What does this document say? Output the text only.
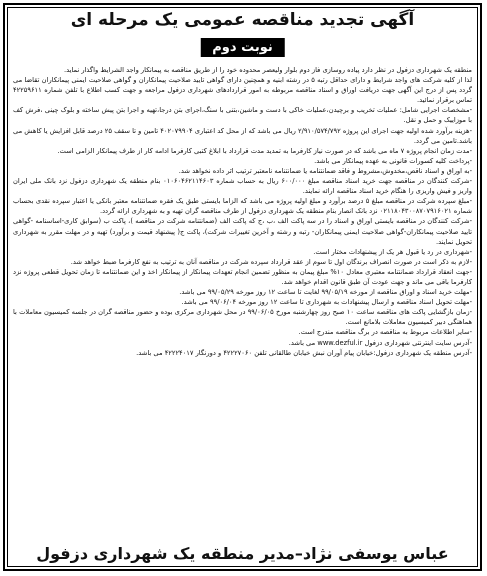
آگهی تجدید مناقصه عمومی یک مرحله ای
نوبت دوم

منطقه یک شهرداری دزفول در نظر دارد پیاده روسازی فاز دوم بلوار ولیعصر محدوده خود را از طریق مناقصه به پیمانکار واجد الشرایط واگذار نماید.

لذا از کلیه شرکت های واجد شرایط و دارای حداقل رتبه ۵ در رشته ابنیه و همچنین دارای گواهی تایید صلاحیت پیمانکاران و گواهی صلاحیت ایمنی پیمانکاران تقاضا می گردد پس از درج این آگهی جهت دریافت اوراق و اسناد مناقصه مربوطه به امور قراردادهای شهرداری دزفول مراجعه و جهت کسب اطلاع با تلفن شماره ۴۲۲۵۹۶۱۱ تماس برقرار نمائید.

-مشخصات اجرایی شامل: عملیات تخریب و برچیدن،عملیات خاکی با دست و ماشین،بتنی با سنگ،اجرای بتن درجا،تهیه و اجرا بتن پیش ساخته و بلوک چینی ،فرش کف با موزاییک و حمل و نقل.

-هزینه برآورد شده اولیه جهت اجرای این پروژه ۲/۹۱۰/۵۷۴/۷۹۲ ریال می باشد که از محل کد اعتباری ۴۰۲۰۷۹۹۰۴ تامین و تا سقف ۲۵ درصد قابل افزایش یا کاهش می باشد.تامین می گردد.

-مدت زمان انجام پروژه ۷ ماه می باشد که در صورت نیاز کارفرما به تمدید مدت قرارداد با ابلاغ کتبی کارفرما ادامه کار از طرف پیمانکار الزامی است.

-پرداخت کلیه کسورات قانونی به عهده پیمانکار می باشد.

-به اوراق و اسناد ناقص،مخدوش،مشروط و فاقد ضمانتنامه یا ضمانتنامه نامعتبر ترتیب اثر داده نخواهد شد.

-شرکت کنندگان در مناقصه جهت خرید اسناد مناقصه مبلغ ۶۰۰/۰۰۰ ریال به حساب شماره ۰۱۰۶۰۴۶۲۱۱۴۶۰۳ بنام منطقه یک شهرداری دزفول نزد بانک ملی ایران واریز و فیش واریزی را هنگام خرید اسناد مناقصه ارائه نمایند.

-مبلغ سپرده شرکت در مناقصه مبلغ ۵ درصد برآورد و مبلغ اولیه پروژه می باشد که الزاما بایستی طبق یک فقره ضمانتنامه معتبر بانکی یا اعتبار سپرده نقدی بحساب شماره ۰۲۱۱۸۰۴۳۰۰۸۷۰۷۹۱۶۰۲۱ نزد بانک انصار بنام منطقه یک شهرداری دزفول از طرف مناقصه گران تهیه و به شهرداری ارائه گردد.

-شرکت کنندگان در مناقصه بایستی اوراق و اسناد را در سه پاکت الف ،ب ،ج که پاکت الف (ضمانتنامه شرکت در مناقصه )، پاکت ب (سوابق کاری-اساسنامه -گواهی تایید صلاحیت پیمانکاران-گواهی صلاحیت ایمنی پیمانکاران- رتبه و رشته و آخرین تغییرات شرکت)، پاکت ج( پیشنهاد قیمت و برآورد) تهیه و در مهلت مقرر به شهرداری تحویل نمایند.

-شهرداری در رد یا قبول هر یک از پیشنهادات مختار است.

-لازم به ذکر است در صورت انصراف برندگان اول تا سوم از عقد قرارداد سپرده شرکت در مناقصه آنان به ترتیب به نفع کارفرما ضبط خواهد شد.

-جهت انعقاد قرارداد ضمانتنامه معتبری معادل ۱۰% مبلغ پیمان به منظور تضمین انجام تعهدات پیمانکار از پیمانکار اخذ و این ضمانتنامه تا زمان تحویل قطعی پروژه نزد کارفرما باقی می ماند و جهت عودت آن طبق قانون اقدام خواهد شد.

-مهلت خرید اسناد و اوراق مناقصه از مورخه ۹۹/۰۵/۱۹ لغایت تا ساعت ۱۲ روز مورخه ۹۹/۰۵/۲۹ می باشد.

-مهلت تحویل اسناد مناقصه و ارسال پیشنهادات به شهرداری تا ساعت ۱۲ روز مورخه ۹۹/۰۶/۰۴ می باشد.

-زمان بازگشایی پاکت های مناقصه ساعت ۱۰ صبح روز چهارشنبه مورخ ۹۹/۰۶/۰۵ در محل شهرداری مرکزی بوده و حضور مناقصه گران در جلسه کمیسیون معاملات با هماهنگی دبیر کمیسیون معاملات بلامانع است.

-سایر اطلاعات مربوط به مناقصه در برگ مناقصه مندرج است.

-آدرس سایت اینترنتی شهرداری دزفول www.dezful.ir می باشد.

-آدرس منطقه یک شهرداری دزفول:خیابان پیام آوران نبش خیابان طالقانی تلفن ۴۲۲۲۷۰۶۰ و دورنگار ۴۲۲۲۴۰۱۷ می باشد.

عباس یوسفی نژاد–مدیر منطقه یک شهرداری دزفول
